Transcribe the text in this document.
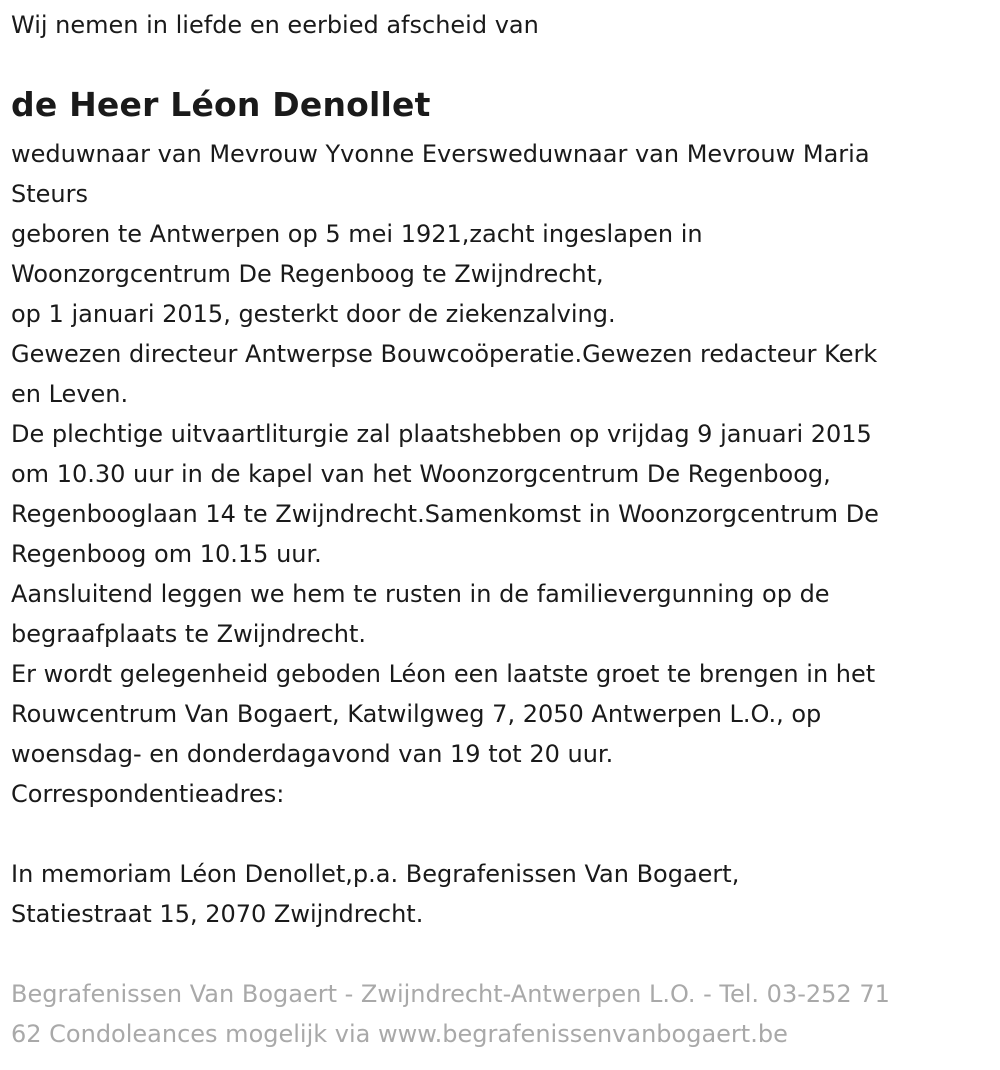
Wij nemen in liefde en eerbied afscheid van

de Heer Léon Denollet
weduwnaar van Mevrouw Yvonne Eversweduwnaar van Mevrouw Maria
Steurs
geboren te Antwerpen op 5 mei 1921,zacht ingeslapen in
Woonzorgcentrum De Regenboog te Zwijndrecht,
op 1 januari 2015, gesterkt door de ziekenzalving.
Gewezen directeur Antwerpse Bouwcoöperatie.Gewezen redacteur Kerk
en Leven.
De plechtige uitvaartliturgie zal plaatshebben op vrijdag 9 januari 2015
om 10.30 uur in de kapel van het Woonzorgcentrum De Regenboog,
Regenbooglaan 14 te Zwijndrecht.Samenkomst in Woonzorgcentrum De
Regenboog om 10.15 uur.
Aansluitend leggen we hem te rusten in de familievergunning op de
begraafplaats te Zwijndrecht.
Er wordt gelegenheid geboden Léon een laatste groet te brengen in het
Rouwcentrum Van Bogaert, Katwilgweg 7, 2050 Antwerpen L.O., op
woensdag- en donderdagavond van 19 tot 20 uur.
Correspondentieadres:
In memoriam Léon Denollet,p.a. Begrafenissen Van Bogaert,
Statiestraat 15, 2070 Zwijndrecht.
Begrafenissen Van Bogaert - Zwijndrecht-Antwerpen L.O. - Tel. 03-252 71
62 Condoleances mogelijk via www.begrafenissenvanbogaert.be
